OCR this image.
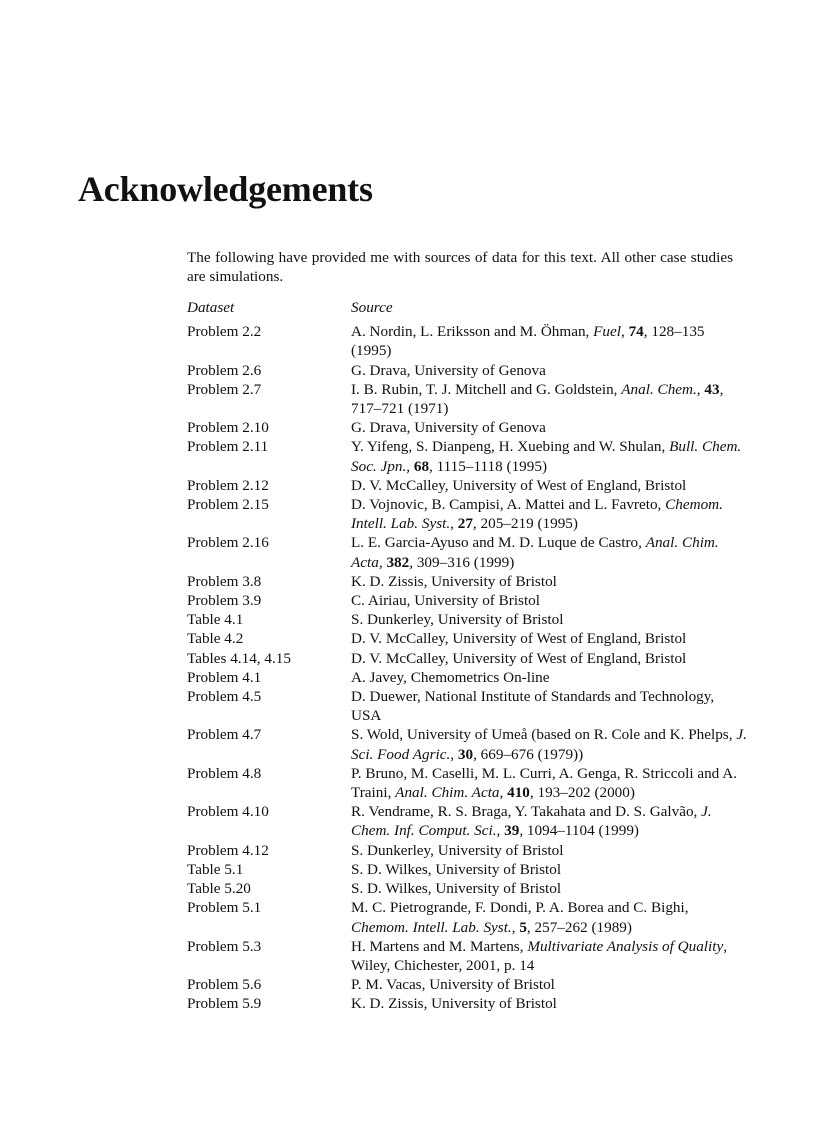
Acknowledgements

The following have provided me with sources of data for this text. All other case studies are simulations.

Dataset	Source
Problem 2.2	A. Nordin, L. Eriksson and M. Öhman, Fuel, 74, 128–135 (1995)
Problem 2.6	G. Drava, University of Genova
Problem 2.7	I. B. Rubin, T. J. Mitchell and G. Goldstein, Anal. Chem., 43, 717–721 (1971)
Problem 2.10	G. Drava, University of Genova
Problem 2.11	Y. Yifeng, S. Dianpeng, H. Xuebing and W. Shulan, Bull. Chem. Soc. Jpn., 68, 1115–1118 (1995)
Problem 2.12	D. V. McCalley, University of West of England, Bristol
Problem 2.15	D. Vojnovic, B. Campisi, A. Mattei and L. Favreto, Chemom. Intell. Lab. Syst., 27, 205–219 (1995)
Problem 2.16	L. E. Garcia-Ayuso and M. D. Luque de Castro, Anal. Chim. Acta, 382, 309–316 (1999)
Problem 3.8	K. D. Zissis, University of Bristol
Problem 3.9	C. Airiau, University of Bristol
Table 4.1	S. Dunkerley, University of Bristol
Table 4.2	D. V. McCalley, University of West of England, Bristol
Tables 4.14, 4.15	D. V. McCalley, University of West of England, Bristol
Problem 4.1	A. Javey, Chemometrics On-line
Problem 4.5	D. Duewer, National Institute of Standards and Technology, USA
Problem 4.7	S. Wold, University of Umeå (based on R. Cole and K. Phelps, J. Sci. Food Agric., 30, 669–676 (1979))
Problem 4.8	P. Bruno, M. Caselli, M. L. Curri, A. Genga, R. Striccoli and A. Traini, Anal. Chim. Acta, 410, 193–202 (2000)
Problem 4.10	R. Vendrame, R. S. Braga, Y. Takahata and D. S. Galvão, J. Chem. Inf. Comput. Sci., 39, 1094–1104 (1999)
Problem 4.12	S. Dunkerley, University of Bristol
Table 5.1	S. D. Wilkes, University of Bristol
Table 5.20	S. D. Wilkes, University of Bristol
Problem 5.1	M. C. Pietrogrande, F. Dondi, P. A. Borea and C. Bighi, Chemom. Intell. Lab. Syst., 5, 257–262 (1989)
Problem 5.3	H. Martens and M. Martens, Multivariate Analysis of Quality, Wiley, Chichester, 2001, p. 14
Problem 5.6	P. M. Vacas, University of Bristol
Problem 5.9	K. D. Zissis, University of Bristol
